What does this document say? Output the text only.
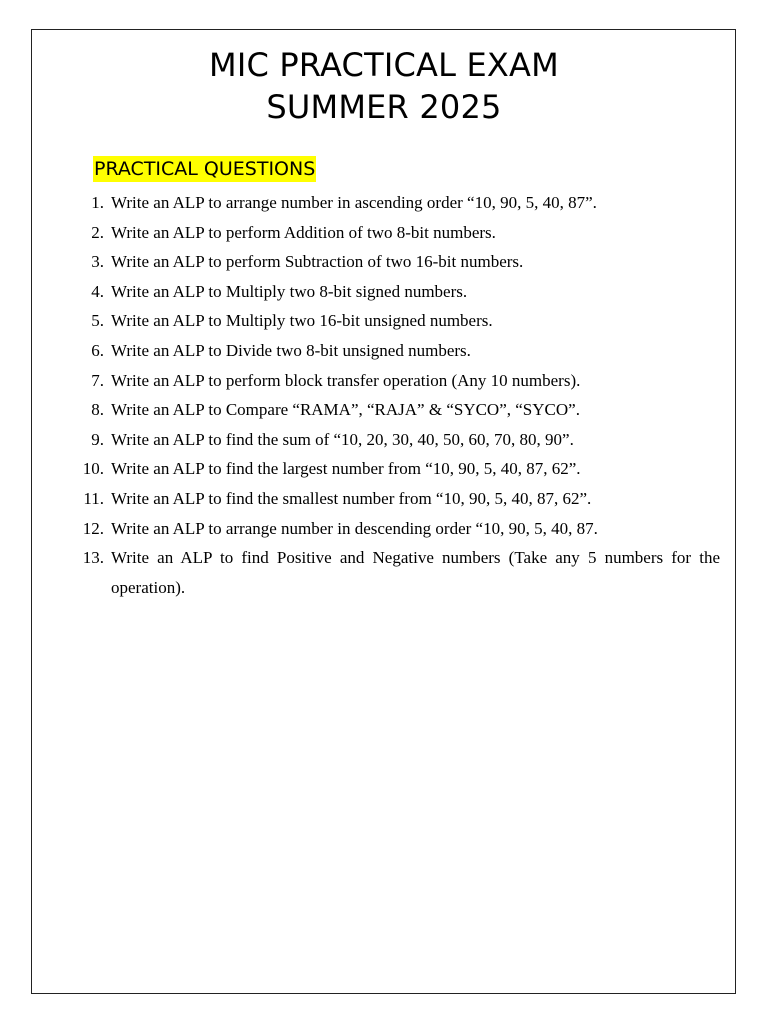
MIC PRACTICAL EXAM
SUMMER 2025
PRACTICAL QUESTIONS
1. Write an ALP to arrange number in ascending order “10, 90, 5, 40, 87”.
2. Write an ALP to perform Addition of two 8-bit numbers.
3. Write an ALP to perform Subtraction of two 16-bit numbers.
4. Write an ALP to Multiply two 8-bit signed numbers.
5. Write an ALP to Multiply two 16-bit unsigned numbers.
6. Write an ALP to Divide two 8-bit unsigned numbers.
7. Write an ALP to perform block transfer operation (Any 10 numbers).
8. Write an ALP to Compare “RAMA”, “RAJA” & “SYCO”, “SYCO”.
9. Write an ALP to find the sum of “10, 20, 30, 40, 50, 60, 70, 80, 90”.
10. Write an ALP to find the largest number from “10, 90, 5, 40, 87, 62”.
11. Write an ALP to find the smallest number from “10, 90, 5, 40, 87, 62”.
12. Write an ALP to arrange number in descending order “10, 90, 5, 40, 87.
13. Write an ALP to find Positive and Negative numbers (Take any 5 numbers for the operation).
